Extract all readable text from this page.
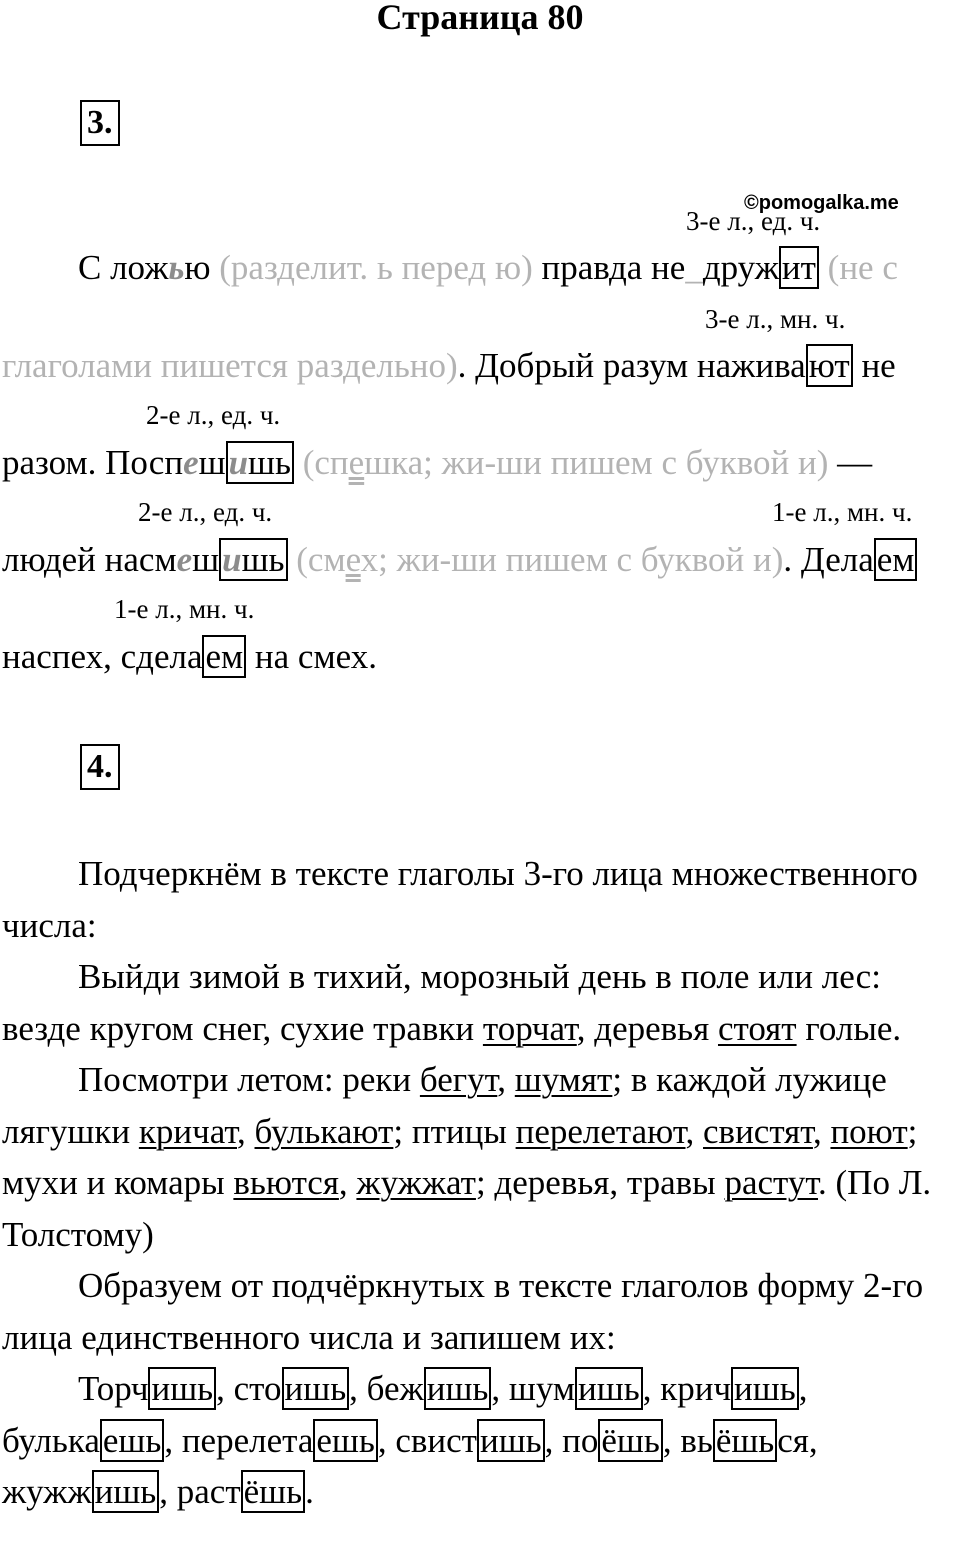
Страница 80
3.
©pomogalka.me
3-е л., ед. ч.
С ложью (разделит. ь перед ю) правда не_дружит (не с
3-е л., мн. ч.
глаголами пишется раздельно). Добрый разум наживают не
2-е л., ед. ч.
разом. Поспешишь (спешка; жи-ши пишем с буквой и) —
2-е л., ед. ч.	1-е л., мн. ч.
людей насмешишь (смех; жи-ши пишем с буквой и). Делаем
1-е л., мн. ч.
наспех, сделаем на смех.
4.

Подчеркнём в тексте глаголы 3-го лица множественного числа:

Выйди зимой в тихий, морозный день в поле или лес: везде кругом снег, сухие травки торчат, деревья стоят голые.

Посмотри летом: реки бегут, шумят; в каждой лужице лягушки кричат, булькают; птицы перелетают, свистят, поют; мухи и комары вьются, жужжат; деревья, травы растут. (По Л. Толстому)

Образуем от подчёркнутых в тексте глаголов форму 2-го лица единственного числа и запишем их:

Торчишь, стоишь, бежишь, шумишь, кричишь, булькаешь, перелетаешь, свистишь, поёшь, вьёшься, жужжишь, растёшь.
